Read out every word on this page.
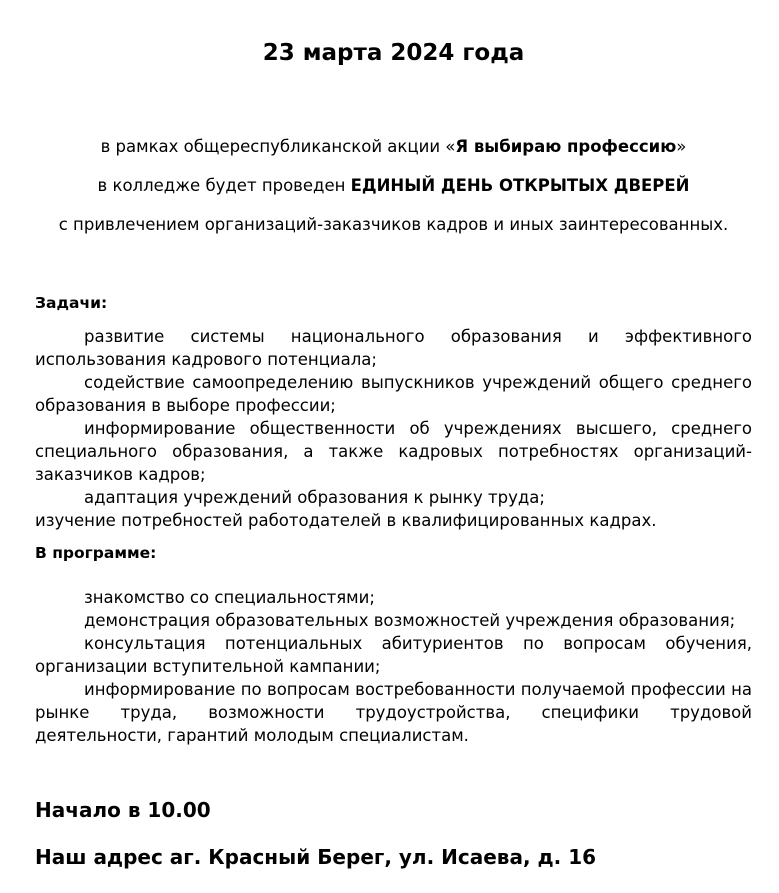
23 марта 2024 года
в рамках общереспубликанской акции «Я выбираю профессию»
в колледже будет проведен ЕДИНЫЙ ДЕНЬ ОТКРЫТЫХ ДВЕРЕЙ
с привлечением организаций-заказчиков кадров и иных заинтересованных.

Задачи:

развитие системы национального образования и эффективного использования кадрового потенциала;

содействие самоопределению выпускников учреждений общего среднего образования в выборе профессии;

информирование общественности об учреждениях высшего, среднего специального образования, а также кадровых потребностях организаций-заказчиков кадров;

адаптация учреждений образования к рынку труда;

изучение потребностей работодателей в квалифицированных кадрах.

В программе:

знакомство со специальностями;

демонстрация образовательных возможностей учреждения образования;

консультация потенциальных абитуриентов по вопросам обучения, организации вступительной кампании;

информирование по вопросам востребованности получаемой профессии на рынке труда, возможности трудоустройства, специфики трудовой деятельности, гарантий молодым специалистам.

Начало в 10.00
Наш адрес аг. Красный Берег, ул. Исаева, д. 16
